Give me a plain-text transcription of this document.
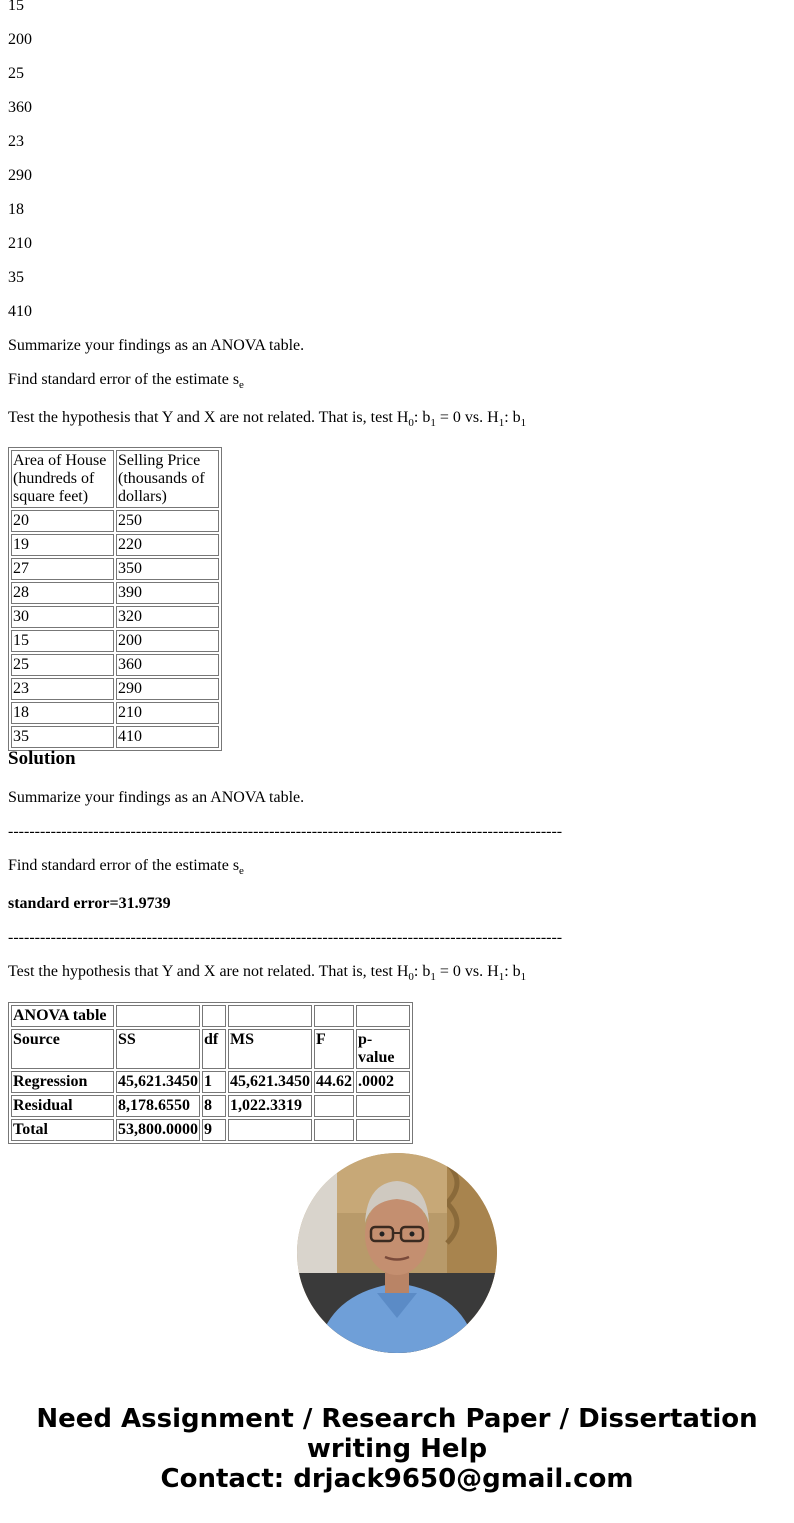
15

200

25

360

23

290

18

210

35

410

Summarize your findings as an ANOVA table.

Find standard error of the estimate $s_e$

Test the hypothesis that Y and X are not related. That is, test $H_0$: $b_1 = 0$ vs. $H_1$: $b_1$

Area of House (hundreds of square feet)	Selling Price (thousands of dollars)
20	250
19	220
27	350
28	390
30	320
15	200
25	360
23	290
18	210
35	410
Solution

Summarize your findings as an ANOVA table.

--------------------------------------------------------------------------------------------------------

Find standard error of the estimate $s_e$

standard error=31.9739

--------------------------------------------------------------------------------------------------------

Test the hypothesis that Y and X are not related. That is, test $H_0$: $b_1 = 0$ vs. $H_1$: $b_1$

ANOVA table					
Source	SS	df	MS	F	p-value
Regression	45,621.3450	1	45,621.3450	44.62	.0002
Residual	8,178.6550	8	1,022.3319		
Total	53,800.0000	9			
Need Assignment / Research Paper / Dissertation
writing Help
Contact: drjack9650@gmail.com
